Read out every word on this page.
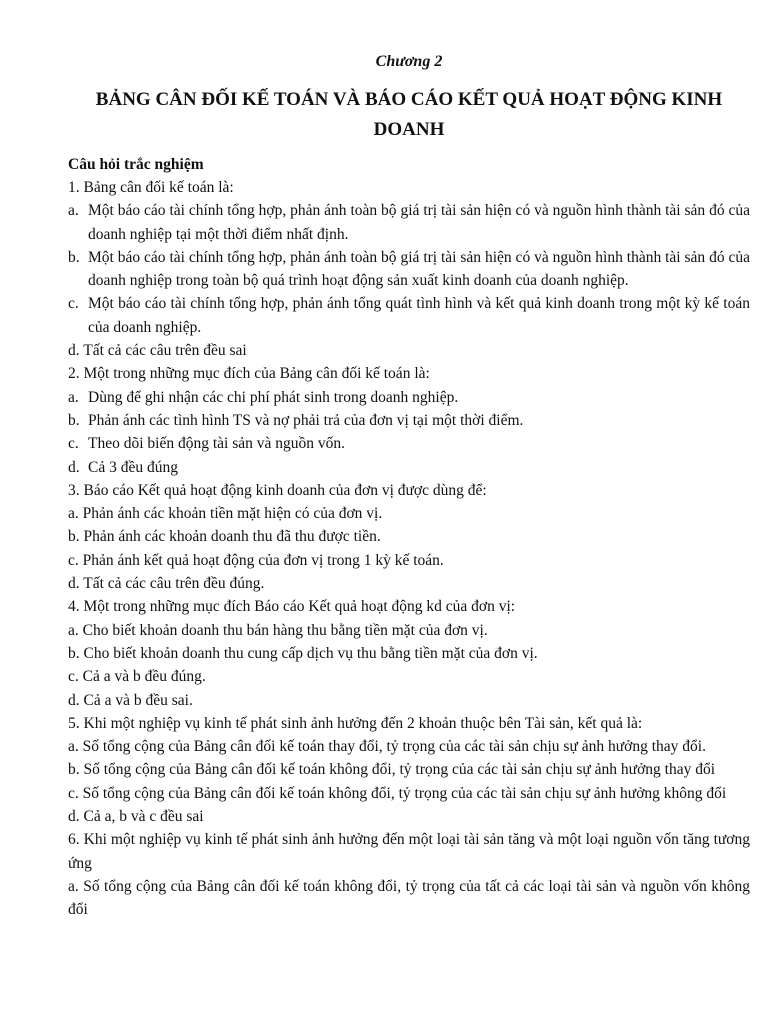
Chương 2

BẢNG CÂN ĐỐI KẾ TOÁN VÀ BÁO CÁO KẾT QUẢ HOẠT ĐỘNG KINH DOANH

Câu hỏi trắc nghiệm

1. Bảng cân đối kế toán là:

a. Một báo cáo tài chính tổng hợp, phản ánh toàn bộ giá trị tài sản hiện có và nguồn hình thành tài sản đó của doanh nghiệp tại một thời điểm nhất định.
b. Một báo cáo tài chính tổng hợp, phản ánh toàn bộ giá trị tài sản hiện có và nguồn hình thành tài sản đó của doanh nghiệp trong toàn bộ quá trình hoạt động sản xuất kinh doanh của doanh nghiệp.
c. Một báo cáo tài chính tổng hợp, phản ánh tổng quát tình hình và kết quả kinh doanh trong một kỳ kế toán của doanh nghiệp.

d. Tất cả các câu trên đều sai

2. Một trong những mục đích của Bảng cân đối kế toán là:

a. Dùng để ghi nhận các chi phí phát sinh trong doanh nghiệp.
b. Phản ánh các tình hình TS và nợ phải trả của đơn vị tại một thời điểm.
c. Theo dõi biến động tài sản và nguồn vốn.
d. Cả 3 đều đúng

3. Báo cáo Kết quả hoạt động kinh doanh của đơn vị được dùng để:

a. Phản ánh các khoản tiền mặt hiện có của đơn vị.

b. Phản ánh các khoản doanh thu đã thu được tiền.

c. Phản ánh kết quả hoạt động của đơn vị trong 1 kỳ kế toán.

d. Tất cả các câu trên đều đúng.

4. Một trong những mục đích Báo cáo Kết quả hoạt động kd của đơn vị:

a. Cho biết khoản doanh thu bán hàng thu bằng tiền mặt của đơn vị.

b. Cho biết khoản doanh thu cung cấp dịch vụ thu bằng tiền mặt của đơn vị.

c. Cả a và b đều đúng.

d. Cả a và b đều sai.

5. Khi một nghiệp vụ kinh tế phát sinh ảnh hưởng đến 2 khoản thuộc bên Tài sản, kết quả là:

a. Số tổng cộng của Bảng cân đối kế toán thay đổi, tỷ trọng của các tài sản chịu sự ảnh hưởng thay đổi.

b. Số tổng cộng của Bảng cân đối kế toán không đổi, tỷ trọng của các tài sản chịu sự ảnh hưởng thay đổi

c. Số tổng cộng của Bảng cân đối kế toán không đổi, tỷ trọng của các tài sản chịu sự ảnh hưởng không đổi

d. Cả a, b và c đều sai

6. Khi một nghiệp vụ kinh tế phát sinh ảnh hưởng đến một loại tài sản tăng và một loại nguồn vốn tăng tương ứng

a. Số tổng cộng của Bảng cân đối kế toán không đổi, tỷ trọng của tất cả các loại tài sản và nguồn vốn không đổi
